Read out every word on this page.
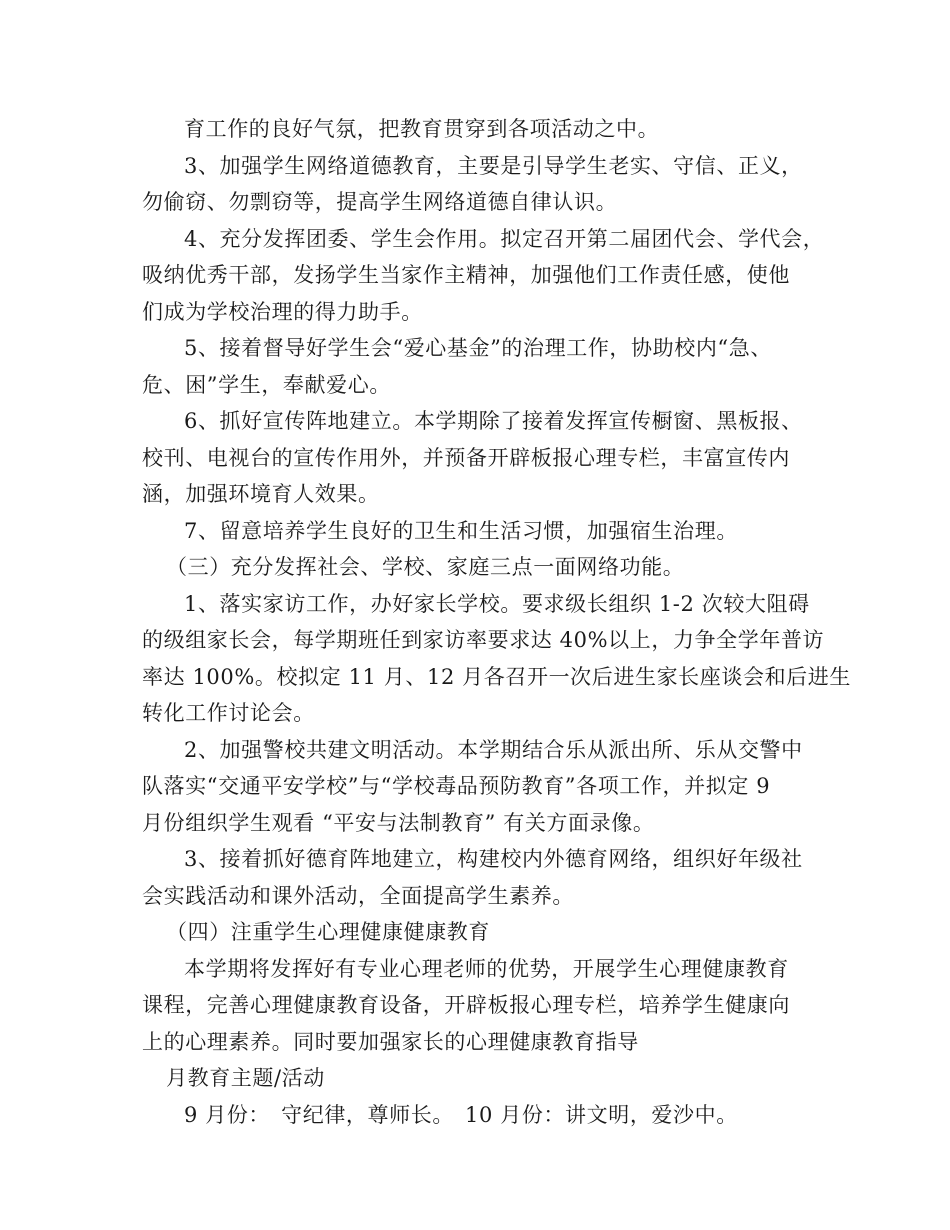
育工作的良好气氛，把教育贯穿到各项活动之中。
3、加强学生网络道德教育，主要是引导学生老实、守信、正义，
勿偷窃、勿剽窃等，提高学生网络道德自律认识。
4、充分发挥团委、学生会作用。拟定召开第二届团代会、学代会，
吸纳优秀干部，发扬学生当家作主精神，加强他们工作责任感，使他
们成为学校治理的得力助手。
5、接着督导好学生会“爱心基金”的治理工作，协助校内“急、
危、困”学生，奉献爱心。
6、抓好宣传阵地建立。本学期除了接着发挥宣传橱窗、黑板报、
校刊、电视台的宣传作用外，并预备开辟板报心理专栏，丰富宣传内
涵，加强环境育人效果。
7、留意培养学生良好的卫生和生活习惯，加强宿生治理。
（三）充分发挥社会、学校、家庭三点一面网络功能。
1、落实家访工作，办好家长学校。要求级长组织 1-2 次较大阻碍
的级组家长会，每学期班任到家访率要求达 40%以上，力争全学年普访
率达 100%。校拟定 11 月、12 月各召开一次后进生家长座谈会和后进生
转化工作讨论会。
2、加强警校共建文明活动。本学期结合乐从派出所、乐从交警中
队落实“交通平安学校”与“学校毒品预防教育”各项工作，并拟定 9
月份组织学生观看 “平安与法制教育” 有关方面录像。
3、接着抓好德育阵地建立，构建校内外德育网络，组织好年级社
会实践活动和课外活动，全面提高学生素养。
（四）注重学生心理健康健康教育
本学期将发挥好有专业心理老师的优势，开展学生心理健康教育
课程，完善心理健康教育设备，开辟板报心理专栏，培养学生健康向
上的心理素养。同时要加强家长的心理健康教育指导
月教育主题/活动
9 月份：　守纪律，尊师长。　10 月份：讲文明，爱沙中。
